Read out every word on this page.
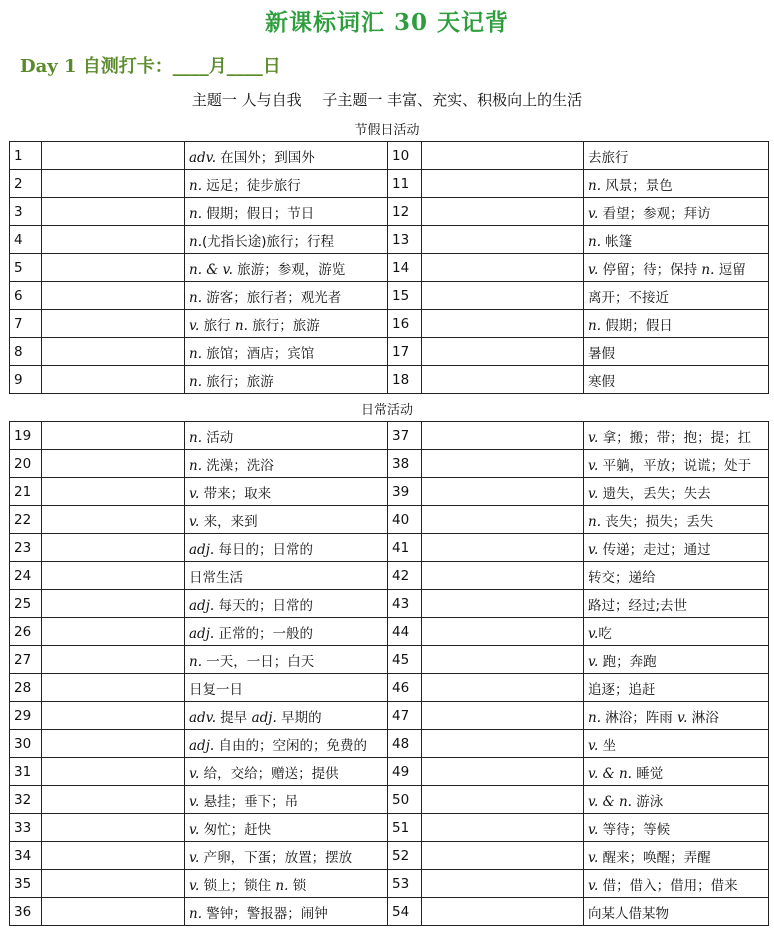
新课标词汇 30 天记背
Day 1 自测打卡：____月____日
主题一 人与自我 子主题一 丰富、充实、积极向上的生活
节假日活动
1		adv. 在国外；到国外	10		去旅行
2		n. 远足；徒步旅行	11		n. 风景；景色
3		n. 假期；假日；节日	12		v. 看望；参观；拜访
4		n.(尤指长途)旅行；行程	13		n. 帐篷
5		n. & v. 旅游；参观，游览	14		v. 停留；待；保持 n. 逗留
6		n. 游客；旅行者；观光者	15		离开；不接近
7		v. 旅行 n. 旅行；旅游	16		n. 假期；假日
8		n. 旅馆；酒店；宾馆	17		暑假
9		n. 旅行；旅游	18		寒假
日常活动
19		n. 活动	37		v. 拿；搬；带；抱；提；扛
20		n. 洗澡；洗浴	38		v. 平躺，平放；说谎；处于
21		v. 带来；取来	39		v. 遗失，丢失；失去
22		v. 来，来到	40		n. 丧失；损失；丢失
23		adj. 每日的；日常的	41		v. 传递；走过；通过
24		日常生活	42		转交；递给
25		adj. 每天的；日常的	43		路过；经过;去世
26		adj. 正常的；一般的	44		v.吃
27		n. 一天，一日；白天	45		v. 跑；奔跑
28		日复一日	46		追逐；追赶
29		adv. 提早 adj. 早期的	47		n. 淋浴；阵雨 v. 淋浴
30		adj. 自由的；空闲的；免费的	48		v. 坐
31		v. 给，交给；赠送；提供	49		v. & n. 睡觉
32		v. 悬挂；垂下；吊	50		v. & n. 游泳
33		v. 匆忙；赶快	51		v. 等待；等候
34		v. 产卵，下蛋；放置；摆放	52		v. 醒来；唤醒；弄醒
35		v. 锁上；锁住 n. 锁	53		v. 借；借入；借用；借来
36		n. 警钟；警报器；闹钟	54		向某人借某物
